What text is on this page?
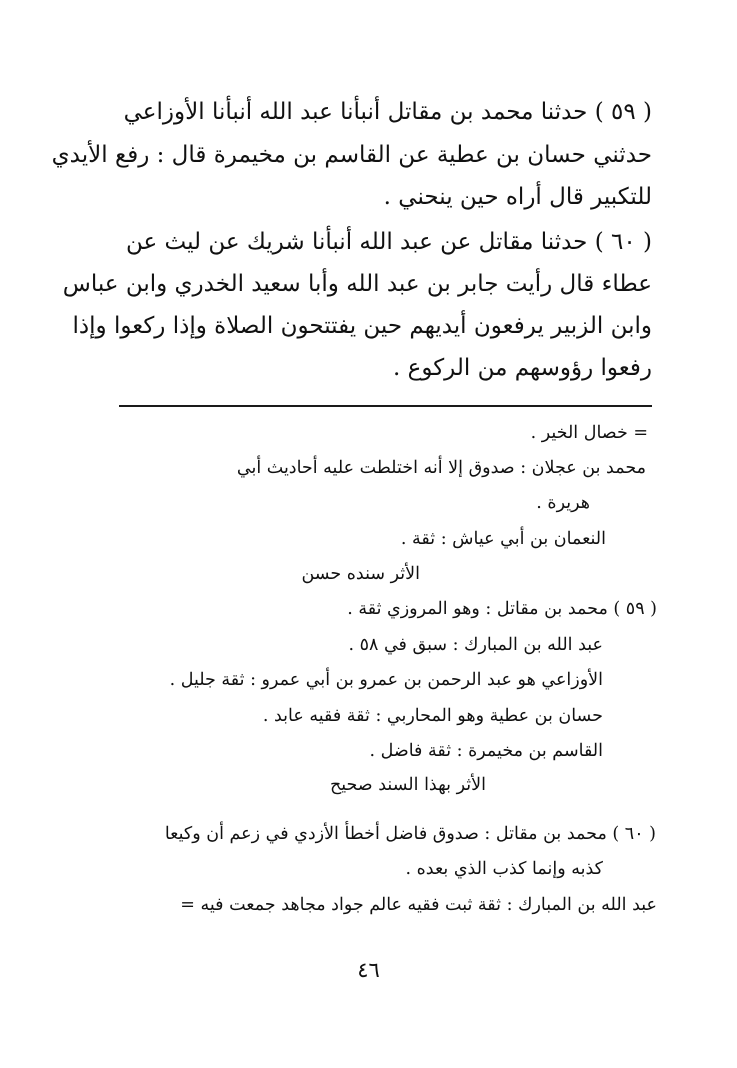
( ٥٩ ) حدثنا محمد بن مقاتل أنبأنا عبد الله أنبأنا الأوزاعي
حدثني حسان بن عطية عن القاسم بن مخيمرة قال : رفع الأيدي
للتكبير قال أراه حين ينحني .
( ٦٠ ) حدثنا مقاتل عن عبد الله أنبأنا شريك عن ليث عن
عطاء قال رأيت جابر بن عبد الله وأبا سعيد الخدري وابن عباس
وابن الزبير يرفعون أيديهم حين يفتتحون الصلاة وإذا ركعوا وإذا
رفعوا رؤوسهم من الركوع .
= خصال الخير .
محمد بن عجلان : صدوق إلا أنه اختلطت عليه أحاديث أبي
هريرة .
النعمان بن أبي عياش : ثقة .
الأثر سنده حسن
( ٥٩ ) محمد بن مقاتل : وهو المروزي ثقة .
عبد الله بن المبارك : سبق في ٥٨ .
الأوزاعي هو عبد الرحمن بن عمرو بن أبي عمرو : ثقة جليل .
حسان بن عطية وهو المحاربي : ثقة فقيه عابد .
القاسم بن مخيمرة : ثقة فاضل .
الأثر بهذا السند صحيح
( ٦٠ ) محمد بن مقاتل : صدوق فاضل أخطأ الأزدي في زعم أن وكيعا
كذبه وإنما كذب الذي بعده .
عبد الله بن المبارك : ثقة ثبت فقيه عالم جواد مجاهد جمعت فيه =
٤٦
